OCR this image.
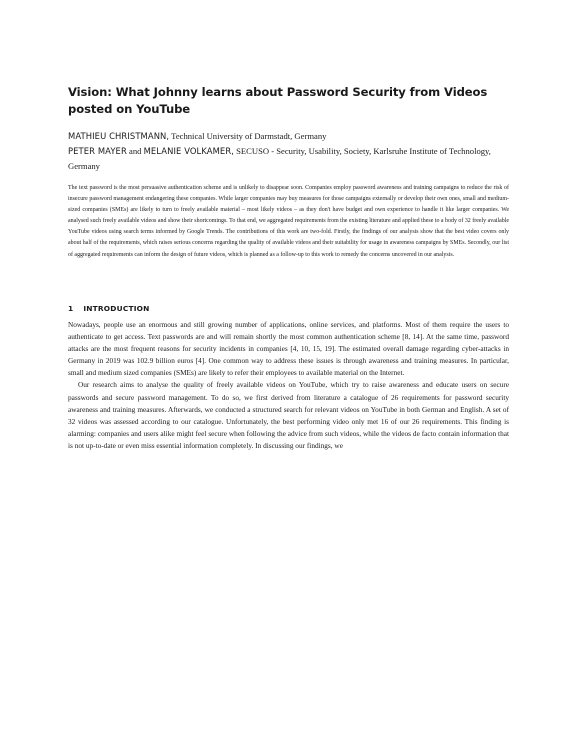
Vision: What Johnny learns about Password Security from Videos posted on YouTube
MATHIEU CHRISTMANN, Technical University of Darmstadt, Germany
PETER MAYER and MELANIE VOLKAMER, SECUSO - Security, Usability, Society, Karlsruhe Institute of Technology, Germany

The text password is the most persuasive authentication scheme and is unlikely to disappear soon. Companies employ password awareness and training campaigns to reduce the risk of insecure password management endangering these companies. While larger companies may buy measures for those campaigns externally or develop their own ones, small and medium-sized companies (SMEs) are likely to turn to freely available material – most likely videos – as they don't have budget and own experience to handle it like larger companies. We analysed such freely available videos and show their shortcomings. To that end, we aggregated requirements from the existing literature and applied these to a body of 32 freely available YouTube videos using search terms informed by Google Trends. The contributions of this work are two-fold. Firstly, the findings of our analysis show that the best video covers only about half of the requirements, which raises serious concerns regarding the quality of available videos and their suitability for usage in awareness campaigns by SMEs. Secondly, our list of aggregated requirements can inform the design of future videos, which is planned as a follow-up to this work to remedy the concerns uncovered in our analysis.

1 INTRODUCTION

Nowadays, people use an enormous and still growing number of applications, online services, and platforms. Most of them require the users to authenticate to get access. Text passwords are and will remain shortly the most common authentication scheme [8, 14]. At the same time, password attacks are the most frequent reasons for security incidents in companies [4, 10, 15, 19]. The estimated overall damage regarding cyber-attacks in Germany in 2019 was 102.9 billion euros [4]. One common way to address these issues is through awareness and training measures. In particular, small and medium sized companies (SMEs) are likely to refer their employees to available material on the Internet.

Our research aims to analyse the quality of freely available videos on YouTube, which try to raise awareness and educate users on secure passwords and secure password management. To do so, we first derived from literature a catalogue of 26 requirements for password security awareness and training measures. Afterwards, we conducted a structured search for relevant videos on YouTube in both German and English. A set of 32 videos was assessed according to our catalogue. Unfortunately, the best performing video only met 16 of our 26 requirements. This finding is alarming: companies and users alike might feel secure when following the advice from such videos, while the videos de facto contain information that is not up-to-date or even miss essential information completely. In discussing our findings, we
